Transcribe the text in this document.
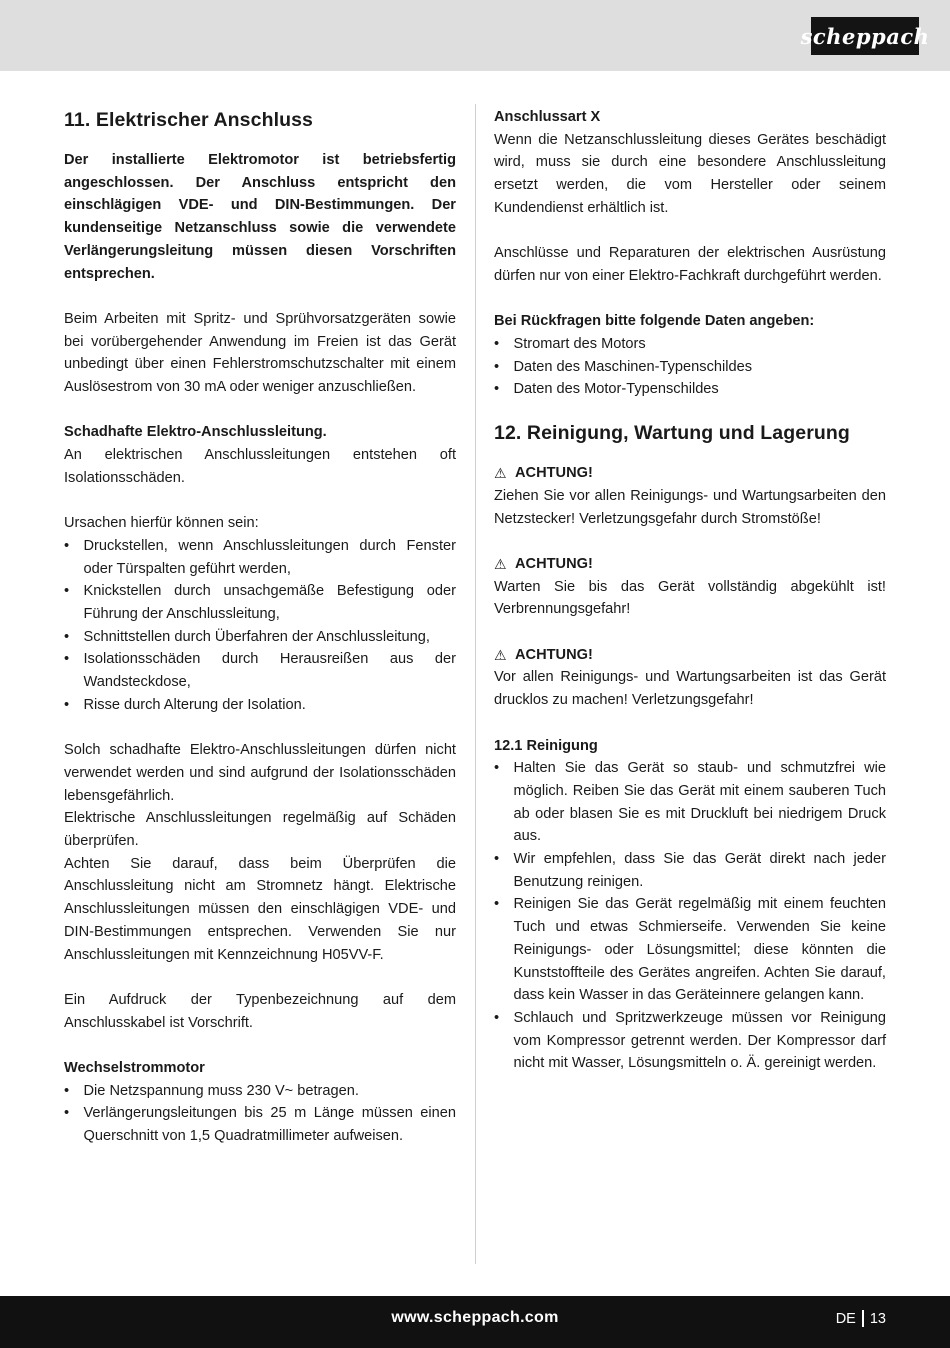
scheppach
11. Elektrischer Anschluss

Der installierte Elektromotor ist betriebsfertig angeschlossen. Der Anschluss entspricht den einschlägigen VDE- und DIN-Bestimmungen. Der kundenseitige Netzanschluss sowie die verwendete Verlängerungsleitung müssen diesen Vorschriften entsprechen.

Beim Arbeiten mit Spritz- und Sprühvorsatzgeräten sowie bei vorübergehender Anwendung im Freien ist das Gerät unbedingt über einen Fehlerstromschutzschalter mit einem Auslösestrom von 30 mA oder weniger anzuschließen.

Schadhafte Elektro-Anschlussleitung.

An elektrischen Anschlussleitungen entstehen oft Isolationsschäden.

Ursachen hierfür können sein:

• Druckstellen, wenn Anschlussleitungen durch Fenster oder Türspalten geführt werden,
• Knickstellen durch unsachgemäße Befestigung oder Führung der Anschlussleitung,
• Schnittstellen durch Überfahren der Anschlussleitung,
• Isolationsschäden durch Herausreißen aus der Wandsteckdose,
• Risse durch Alterung der Isolation.

Solch schadhafte Elektro-Anschlussleitungen dürfen nicht verwendet werden und sind aufgrund der Isolationsschäden lebensgefährlich.

Elektrische Anschlussleitungen regelmäßig auf Schäden überprüfen.

Achten Sie darauf, dass beim Überprüfen die Anschlussleitung nicht am Stromnetz hängt. Elektrische Anschlussleitungen müssen den einschlägigen VDE- und DIN-Bestimmungen entsprechen. Verwenden Sie nur Anschlussleitungen mit Kennzeichnung H05VV-F.

Ein Aufdruck der Typenbezeichnung auf dem Anschlusskabel ist Vorschrift.

Wechselstrommotor

• Die Netzspannung muss 230 V~ betragen.
• Verlängerungsleitungen bis 25 m Länge müssen einen Querschnitt von 1,5 Quadratmillimeter aufweisen.

Anschlussart X

Wenn die Netzanschlussleitung dieses Gerätes beschädigt wird, muss sie durch eine besondere Anschlussleitung ersetzt werden, die vom Hersteller oder seinem Kundendienst erhältlich ist.

Anschlüsse und Reparaturen der elektrischen Ausrüstung dürfen nur von einer Elektro-Fachkraft durchgeführt werden.

Bei Rückfragen bitte folgende Daten angeben:

• Stromart des Motors
• Daten des Maschinen-Typenschildes
• Daten des Motor-Typenschildes
12. Reinigung, Wartung und Lagerung

⚠ ACHTUNG!

Ziehen Sie vor allen Reinigungs- und Wartungsarbeiten den Netzstecker! Verletzungsgefahr durch Stromstöße!

⚠ ACHTUNG!

Warten Sie bis das Gerät vollständig abgekühlt ist! Verbrennungsgefahr!

⚠ ACHTUNG!

Vor allen Reinigungs- und Wartungsarbeiten ist das Gerät drucklos zu machen! Verletzungsgefahr!

12.1 Reinigung

• Halten Sie das Gerät so staub- und schmutzfrei wie möglich. Reiben Sie das Gerät mit einem sauberen Tuch ab oder blasen Sie es mit Druckluft bei niedrigem Druck aus.
• Wir empfehlen, dass Sie das Gerät direkt nach jeder Benutzung reinigen.
• Reinigen Sie das Gerät regelmäßig mit einem feuchten Tuch und etwas Schmierseife. Verwenden Sie keine Reinigungs- oder Lösungsmittel; diese könnten die Kunststoffteile des Gerätes angreifen. Achten Sie darauf, dass kein Wasser in das Geräteinnere gelangen kann.
• Schlauch und Spritzwerkzeuge müssen vor Reinigung vom Kompressor getrennt werden. Der Kompressor darf nicht mit Wasser, Lösungsmitteln o. Ä. gereinigt werden.
www.scheppach.com	DE 13
